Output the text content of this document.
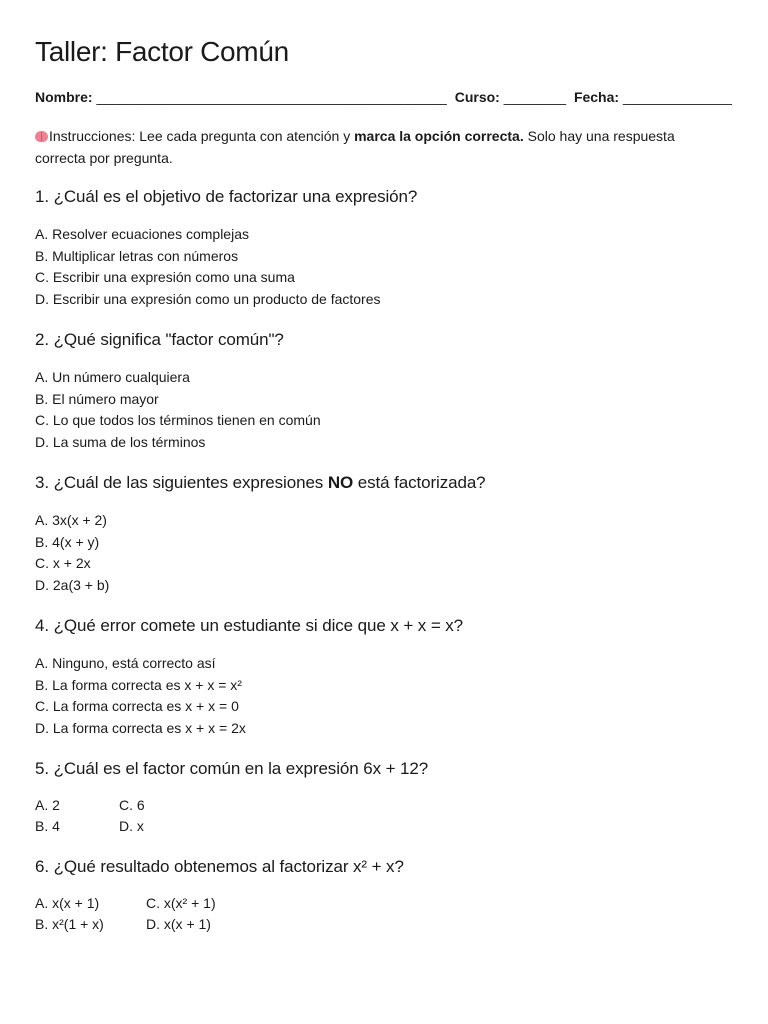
Taller: Factor Común
Nombre: _____________________________________________ Curso: ________ Fecha: ______________
Instrucciones: Lee cada pregunta con atención y marca la opción correcta. Solo hay una respuesta correcta por pregunta.
1. ¿Cuál es el objetivo de factorizar una expresión?
A. Resolver ecuaciones complejas
B. Multiplicar letras con números
C. Escribir una expresión como una suma
D. Escribir una expresión como un producto de factores
2. ¿Qué significa "factor común"?
A. Un número cualquiera
B. El número mayor
C. Lo que todos los términos tienen en común
D. La suma de los términos
3. ¿Cuál de las siguientes expresiones NO está factorizada?
A. 3x(x + 2)
B. 4(x + y)
C. x + 2x
D. 2a(3 + b)
4. ¿Qué error comete un estudiante si dice que x + x = x?
A. Ninguno, está correcto así
B. La forma correcta es x + x = x²
C. La forma correcta es x + x = 0
D. La forma correcta es x + x = 2x
5. ¿Cuál es el factor común en la expresión 6x + 12?
A. 2	C. 6
B. 4	D. x
6. ¿Qué resultado obtenemos al factorizar x² + x?
A. x(x + 1)	C. x(x² + 1)
B. x²(1 + x)	D. x(x + 1)
